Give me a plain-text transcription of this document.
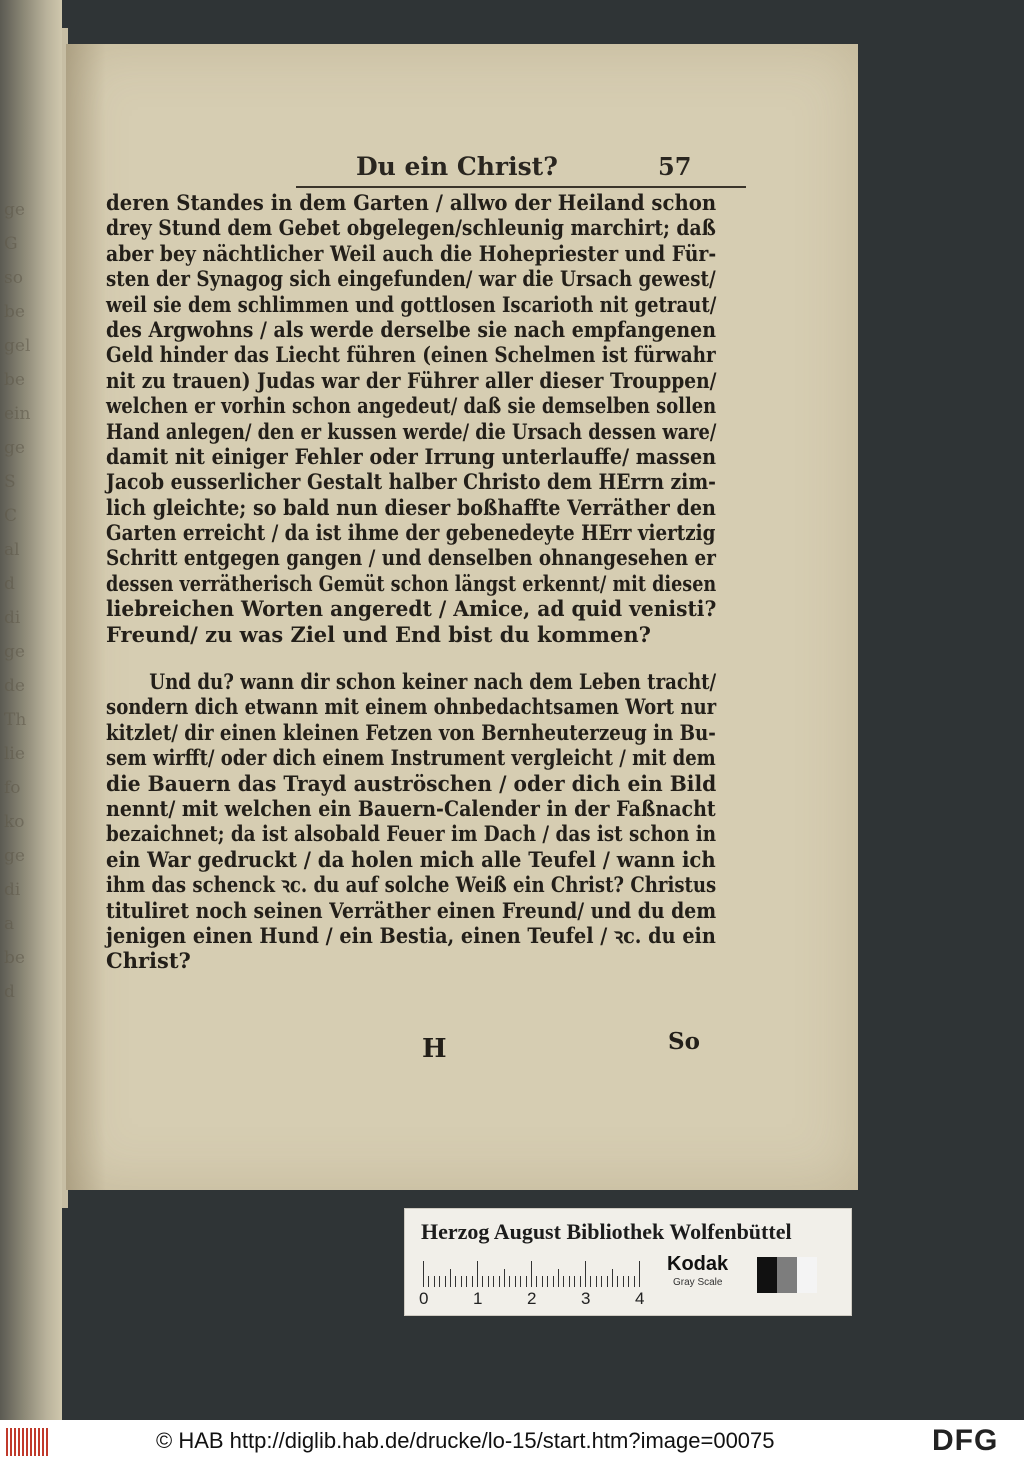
ge
G
so
be
gel
be
ein
ge
S
C
al
d
di
ge
de
Th
lie
fo
ko
ge
di
a
be
d
Du ein Christ?	57
deren Standes in dem Garten / allwo der Heiland schon
drey Stund dem Gebet obgelegen/schleunig marchirt; daß
aber bey nächtlicher Weil auch die Hohepriester und Für-
sten der Synagog sich eingefunden/ war die Ursach gewest/
weil sie dem schlimmen und gottlosen Iscarioth nit getraut/
des Argwohns / als werde derselbe sie nach empfangenen
Geld hinder das Liecht führen (einen Schelmen ist fürwahr
nit zu trauen) Judas war der Führer aller dieser Trouppen/
welchen er vorhin schon angedeut/ daß sie demselben sollen
Hand anlegen/ den er kussen werde/ die Ursach dessen ware/
damit nit einiger Fehler oder Irrung unterlauffe/ massen
Jacob eusserlicher Gestalt halber Christo dem HErrn zim-
lich gleichte; so bald nun dieser boßhaffte Verräther den
Garten erreicht / da ist ihme der gebenedeyte HErr viertzig
Schritt entgegen gangen / und denselben ohnangesehen er
dessen verrätherisch Gemüt schon längst erkennt/ mit diesen
liebreichen Worten angeredt / Amice, ad quid venisti?
Freund/ zu was Ziel und End bist du kommen?
Und du? wann dir schon keiner nach dem Leben tracht/
sondern dich etwann mit einem ohnbedachtsamen Wort nur
kitzlet/ dir einen kleinen Fetzen von Bernheuterzeug in Bu-
sem wirfft/ oder dich einem Instrument vergleicht / mit dem
die Bauern das Trayd auströschen / oder dich ein Bild
nennt/ mit welchen ein Bauern-Calender in der Faßnacht
bezaichnet; da ist alsobald Feuer im Dach / das ist schon in
ein War gedruckt / da holen mich alle Teufel / wann ich
ihm das schenck ꝛc. du auf solche Weiß ein Christ? Christus
tituliret noch seinen Verräther einen Freund/ und du dem
jenigen einen Hund / ein Bestia, einen Teufel / ꝛc. du ein
Christ?
H	So
Herzog August Bibliothek Wolfenbüttel
0	1	2	3	4
Kodak
Gray Scale
© HAB http://diglib.hab.de/drucke/lo-15/start.htm?image=00075	DFG
